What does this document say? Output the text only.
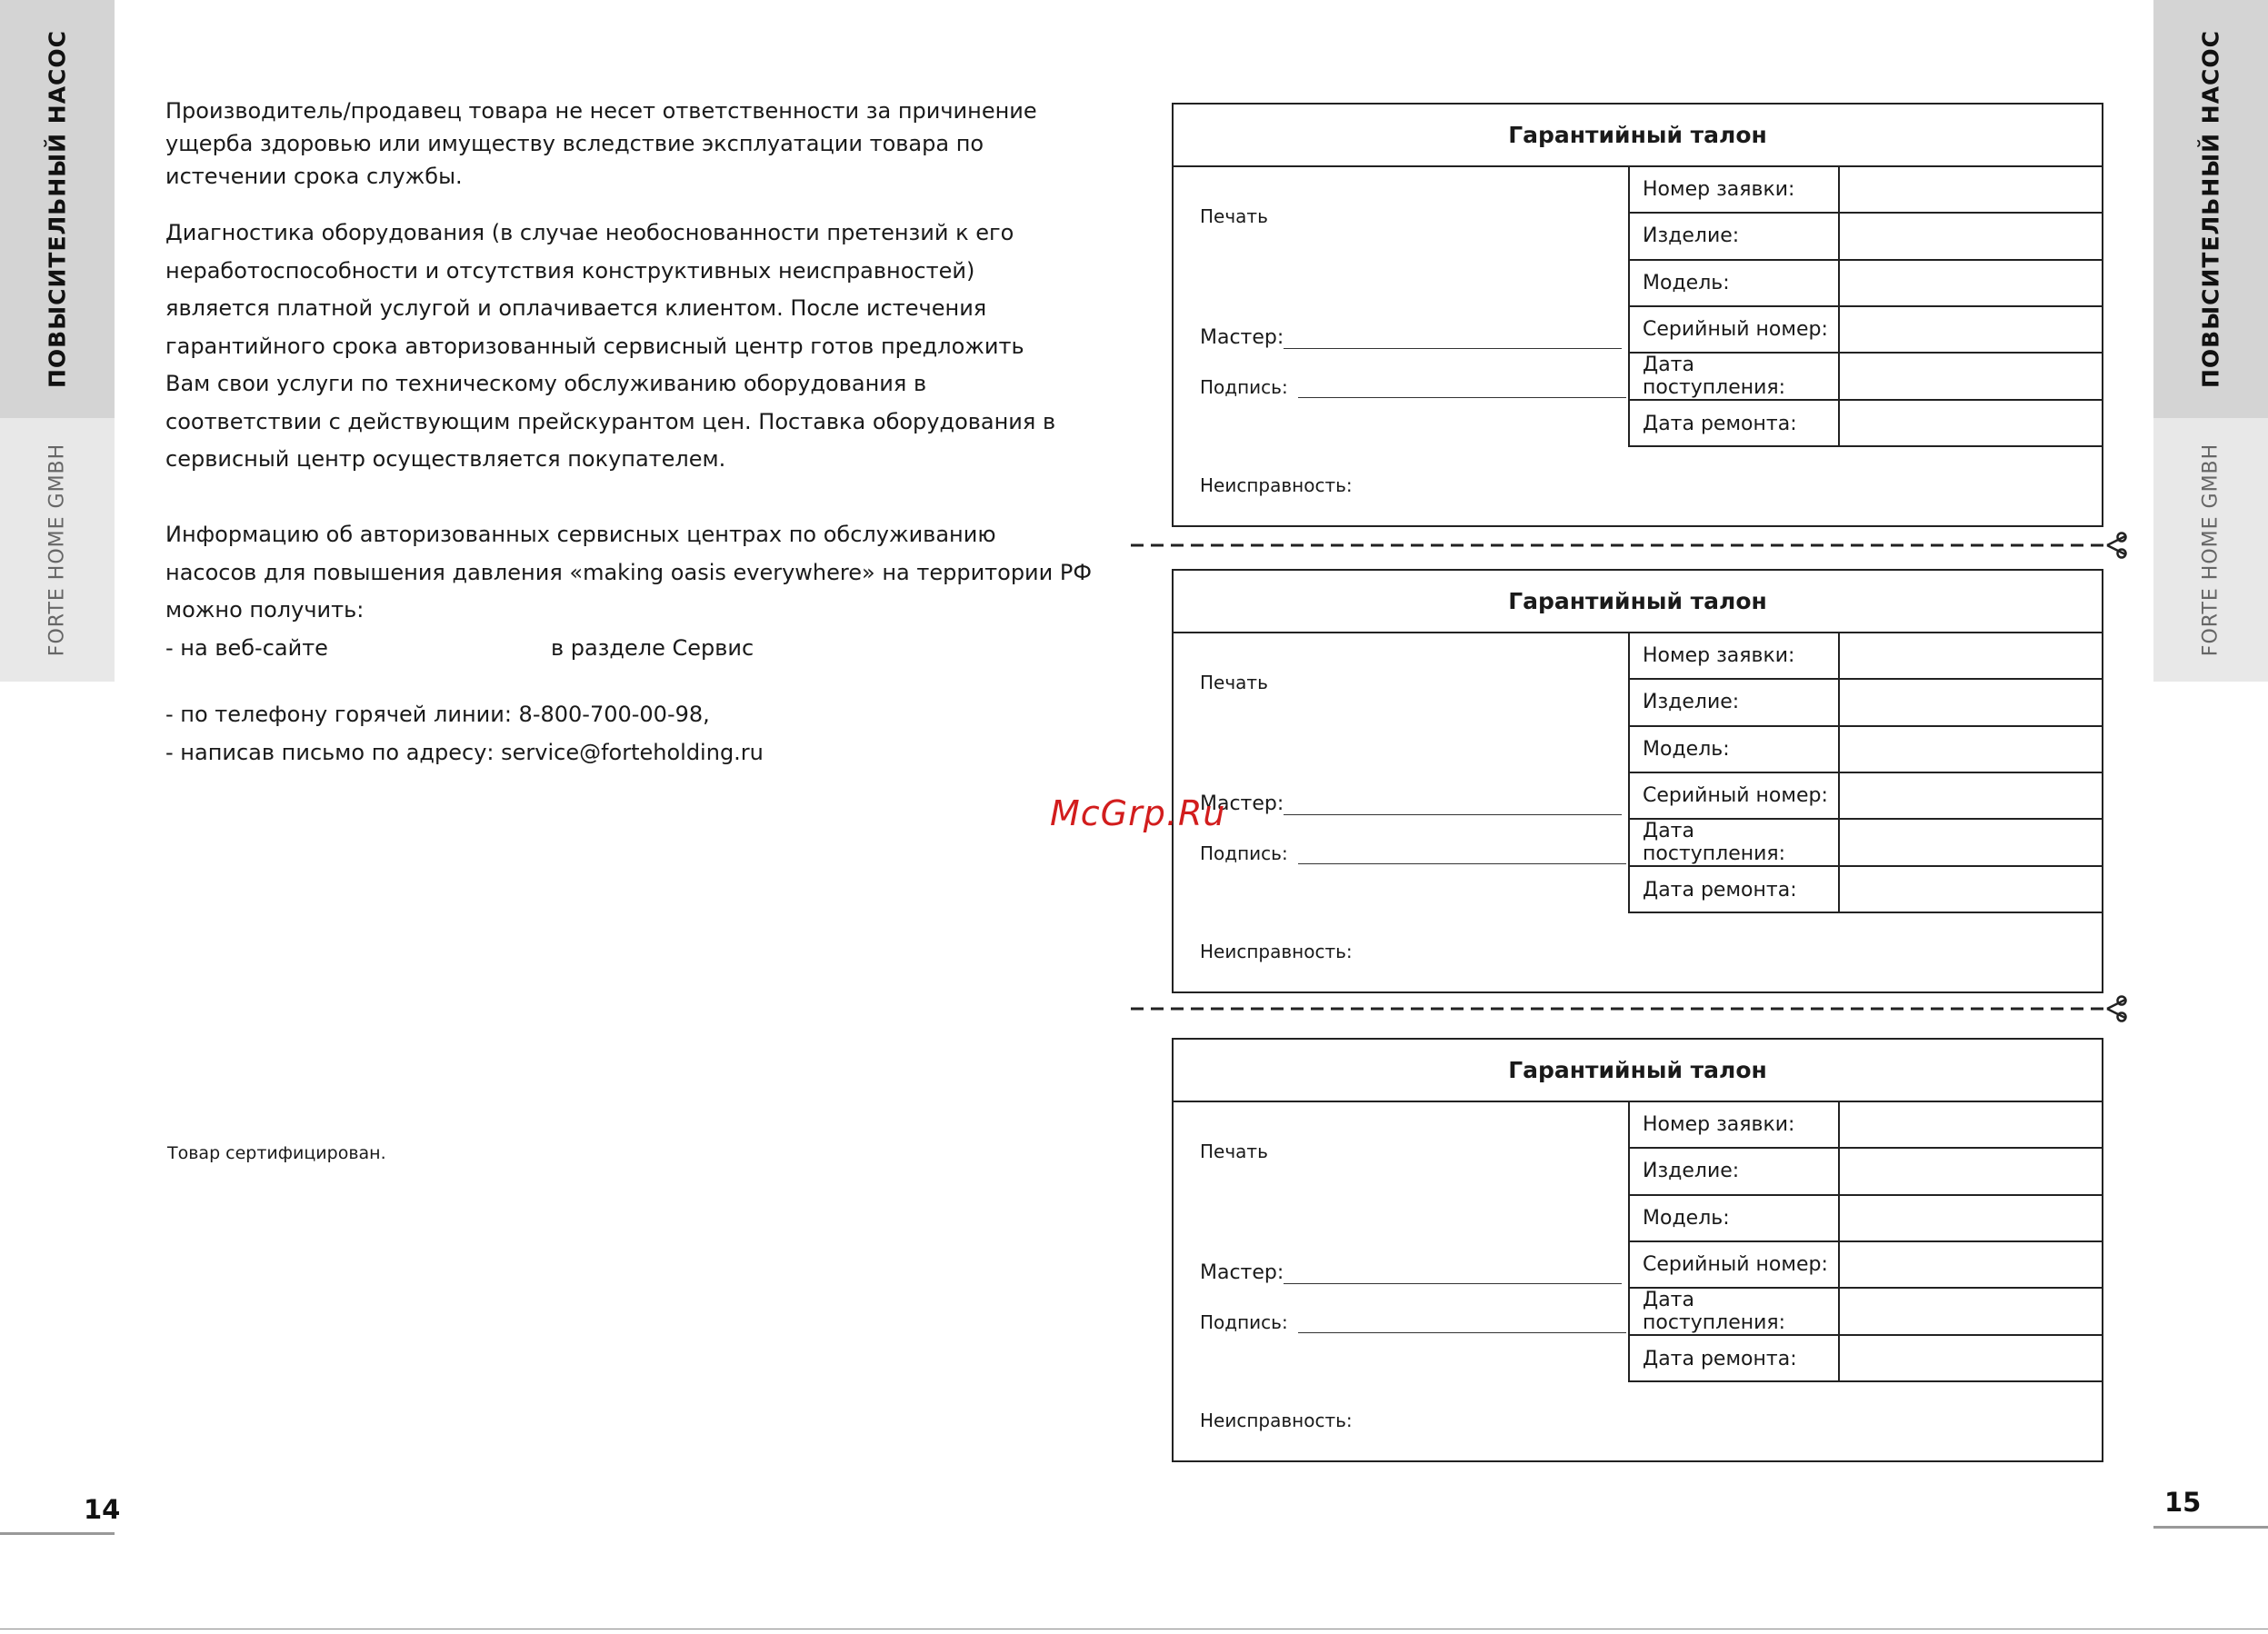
ПОВЫСИТЕЛЬНЫЙ НАСОС
FORTE HOME GMBH
ПОВЫСИТЕЛЬНЫЙ НАСОС
FORTE HOME GMBH
Производитель/продавец товара не несет ответственности за причинение ущерба здоровью или имуществу вследствие эксплуатации товара по истечении срока службы.
Диагностика оборудования (в случае необоснованности претензий к его неработоспособности и отсутствия конструктивных неисправностей) является платной услугой и оплачивается клиентом. После истечения гарантийного срока авторизованный сервисный центр готов предложить Вам свои услуги по техническому обслуживанию оборудования в соответствии с действующим прейскурантом цен. Поставка оборудования в сервисный центр осуществляется покупателем.
Информацию об авторизованных сервисных центрах по обслуживанию
насосов для повышения давления «making oasis everywhere» на территории РФ
можно получить:
- на веб-сайте	в разделе Сервис
- по телефону горячей линии: 8-800-700-00-98,
- написав письмо по адресу: service@forteholding.ru
Товар сертифицирован.
14	15
Гарантийный талон
Печать
Мастер:
Подпись:
Номер заявки:
Изделие:
Модель:
Серийный номер:
Дата поступления:
Дата ремонта:
Неисправность:
Гарантийный талон
Печать
Мастер:
Подпись:
Номер заявки:
Изделие:
Модель:
Серийный номер:
Дата поступления:
Дата ремонта:
Неисправность:
Гарантийный талон
Печать
Мастер:
Подпись:
Номер заявки:
Изделие:
Модель:
Серийный номер:
Дата поступления:
Дата ремонта:
Неисправность:
McGrp.Ru
